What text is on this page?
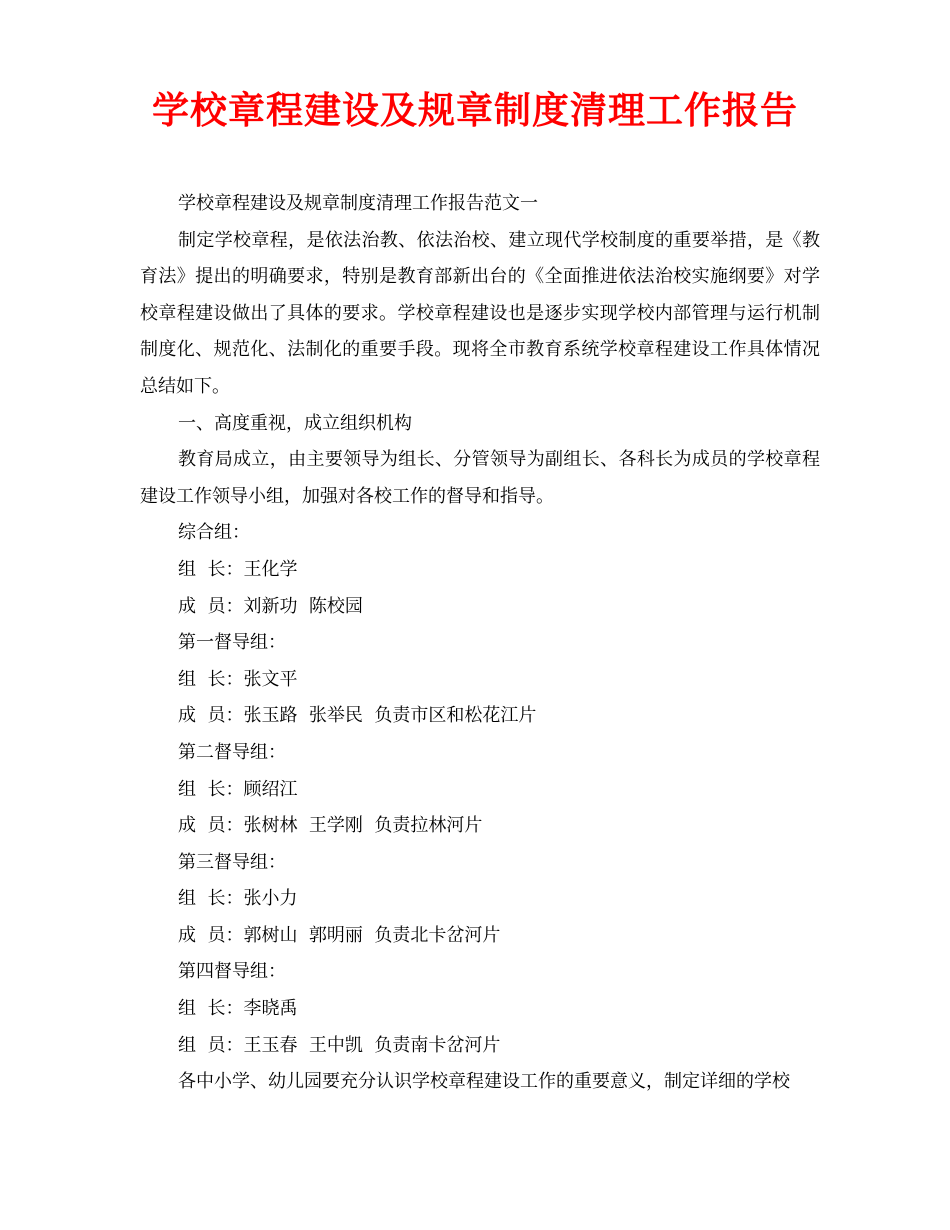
学校章程建设及规章制度清理工作报告

学校章程建设及规章制度清理工作报告范文一

制定学校章程，是依法治教、依法治校、建立现代学校制度的重要举措，是《教育法》提出的明确要求，特别是教育部新出台的《全面推进依法治校实施纲要》对学校章程建设做出了具体的要求。学校章程建设也是逐步实现学校内部管理与运行机制制度化、规范化、法制化的重要手段。现将全市教育系统学校章程建设工作具体情况总结如下。

一、高度重视，成立组织机构

教育局成立，由主要领导为组长、分管领导为副组长、各科长为成员的学校章程建设工作领导小组，加强对各校工作的督导和指导。

综合组：

组  长：王化学

成  员：刘新功  陈校园

第一督导组：

组  长：张文平

成  员：张玉路  张举民  负责市区和松花江片

第二督导组：

组  长：顾绍江

成  员：张树林  王学刚  负责拉林河片

第三督导组：

组  长：张小力

成  员：郭树山  郭明丽  负责北卡岔河片

第四督导组：

组  长：李晓禹

组  员：王玉春  王中凯  负责南卡岔河片

各中小学、幼儿园要充分认识学校章程建设工作的重要意义，制定详细的学校
